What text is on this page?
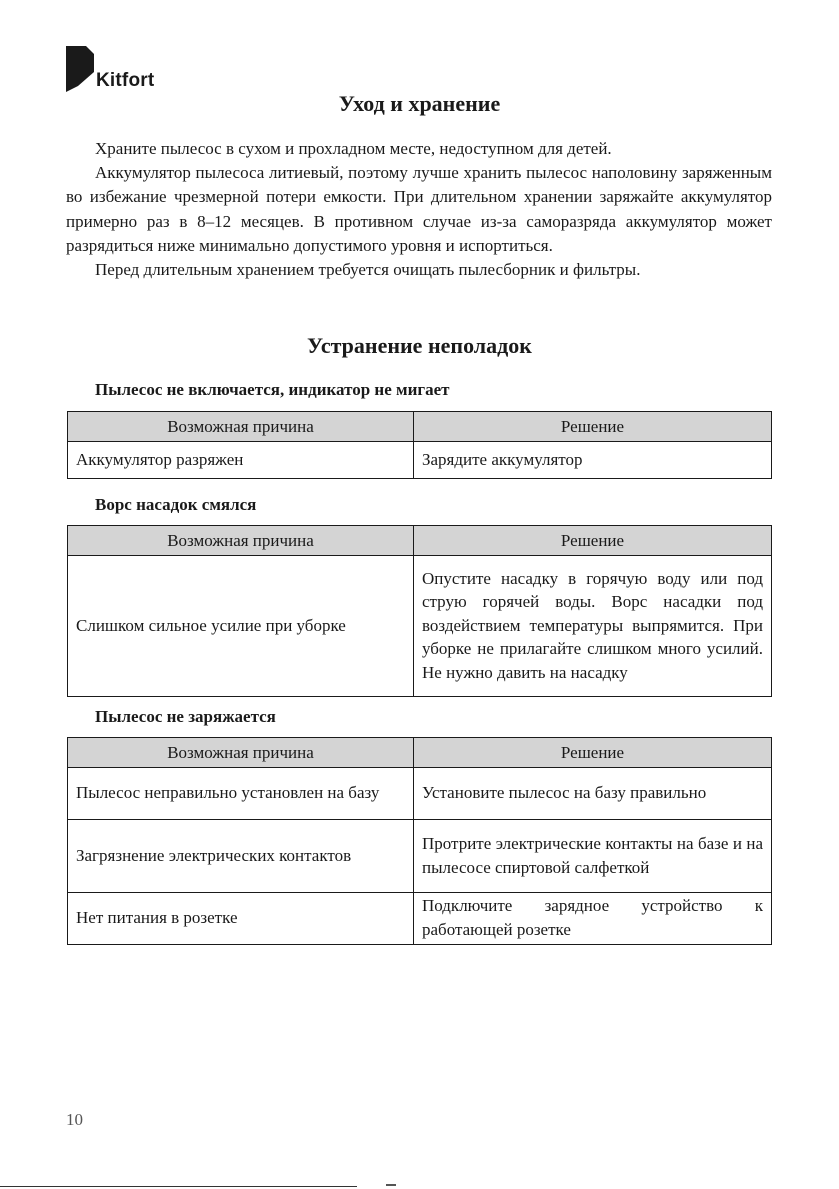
Kitfort
Уход и хранение

Храните пылесос в сухом и прохладном месте, недоступном для детей.

Аккумулятор пылесоса литиевый, поэтому лучше хранить пылесос наполовину заряженным во избежание чрезмерной потери емкости. При длительном хранении заряжайте аккумулятор примерно раз в 8–12 месяцев. В противном случае из-за саморазряда аккумулятор может разрядиться ниже минимально допустимого уровня и испортиться.

Перед длительным хранением требуется очищать пылесборник и фильтры.

Устранение неполадок
Пылесос не включается, индикатор не мигает
Возможная причина	Решение

Аккумулятор разряжен	Зарядите аккумулятор
Ворс насадок смялся
Возможная причина	Решение

Слишком сильное усилие при уборке	Опустите насадку в горячую воду или под струю горячей воды. Ворс насадки под воздействием температуры выпрямится. При уборке не прилагайте слишком много усилий. Не нужно давить на насадку
Пылесос не заряжается
Возможная причина	Решение

Пылесос неправильно установлен на базу	Установите пылесос на базу правильно

Загрязнение электрических контактов	Протрите электрические контакты на базе и на пылесосе спиртовой салфеткой

Нет питания в розетке	Подключите зарядное устройство к работающей розетке
10
